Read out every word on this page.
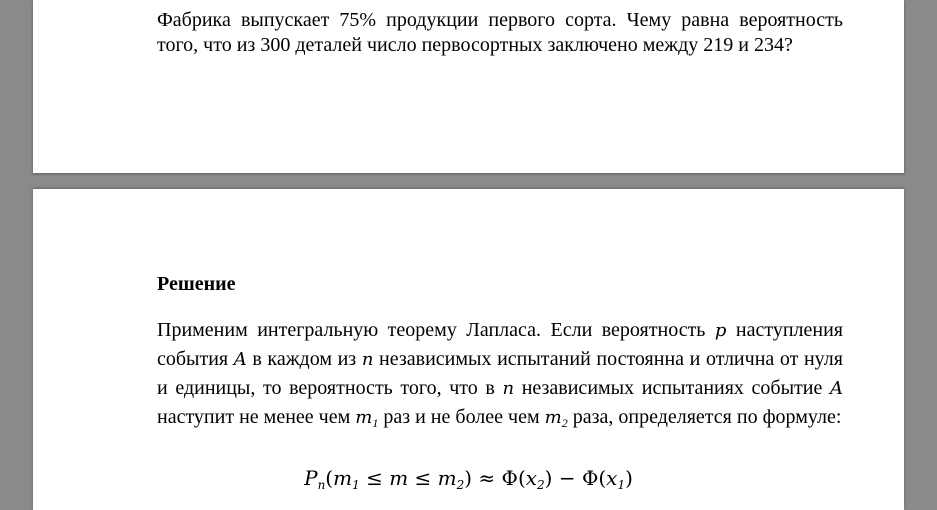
Фабрика выпускает 75% продукции первого сорта. Чему равна вероятность того, что из 300 деталей число первосортных заключено между 219 и 234?
Решение
Применим интегральную теорему Лапласа. Если вероятность p наступления события A в каждом из n независимых испытаний постоянна и отлична от нуля и единицы, то вероятность того, что в n независимых испытаниях событие A наступит не менее чем $m_1$ раз и не более чем $m_2$ раза, определяется по формуле:
$P_n(m_1 \le m \le m_2) \approx \Phi(x_2) - \Phi(x_1)$
